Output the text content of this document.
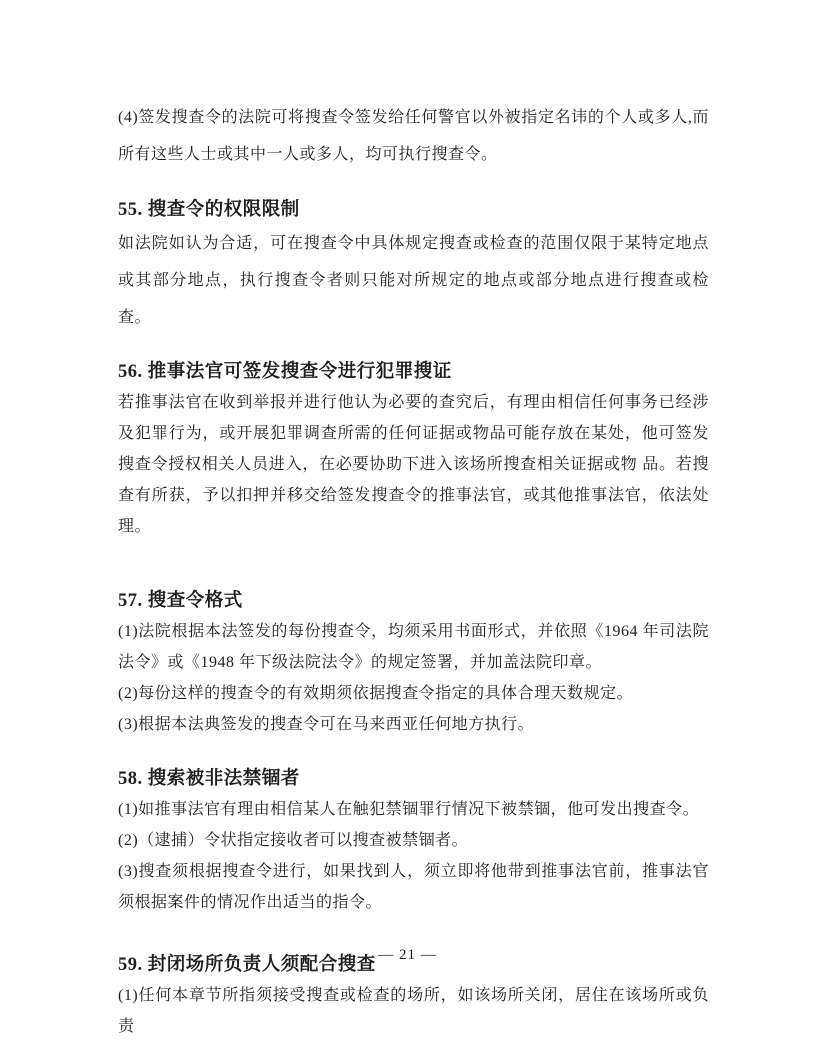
(4)签发搜查令的法院可将搜查令签发给任何警官以外被指定名讳的个人或多人,而所有这些人士或其中一人或多人，均可执行搜查令。

55. 搜查令的权限限制

如法院如认为合适，可在搜查令中具体规定搜查或检查的范围仅限于某特定地点或其部分地点，执行搜查令者则只能对所规定的地点或部分地点进行搜查或检查。

56. 推事法官可签发搜查令进行犯罪搜证

若推事法官在收到举报并进行他认为必要的查究后，有理由相信任何事务已经涉及犯罪行为，或开展犯罪调查所需的任何证据或物品可能存放在某处，他可签发搜查令授权相关人员进入，在必要协助下进入该场所搜查相关证据或物 品。若搜查有所获，予以扣押并移交给签发搜查令的推事法官，或其他推事法官，依法处理。

57. 搜查令格式

(1)法院根据本法签发的每份搜查令，均须采用书面形式，并依照《1964 年司法院法令》或《1948 年下级法院法令》的规定签署，并加盖法院印章。

(2)每份这样的搜查令的有效期须依据搜查令指定的具体合理天数规定。

(3)根据本法典签发的搜查令可在马来西亚任何地方执行。

58. 搜索被非法禁锢者

(1)如推事法官有理由相信某人在触犯禁锢罪行情况下被禁锢，他可发出搜查令。

(2)（逮捕）令状指定接收者可以搜查被禁锢者。

(3)搜查须根据搜查令进行，如果找到人，须立即将他带到推事法官前，推事法官须根据案件的情况作出适当的指令。

59. 封闭场所负责人须配合搜查

(1)任何本章节所指须接受搜查或检查的场所，如该场所关闭，居住在该场所或负责

— 21 —
